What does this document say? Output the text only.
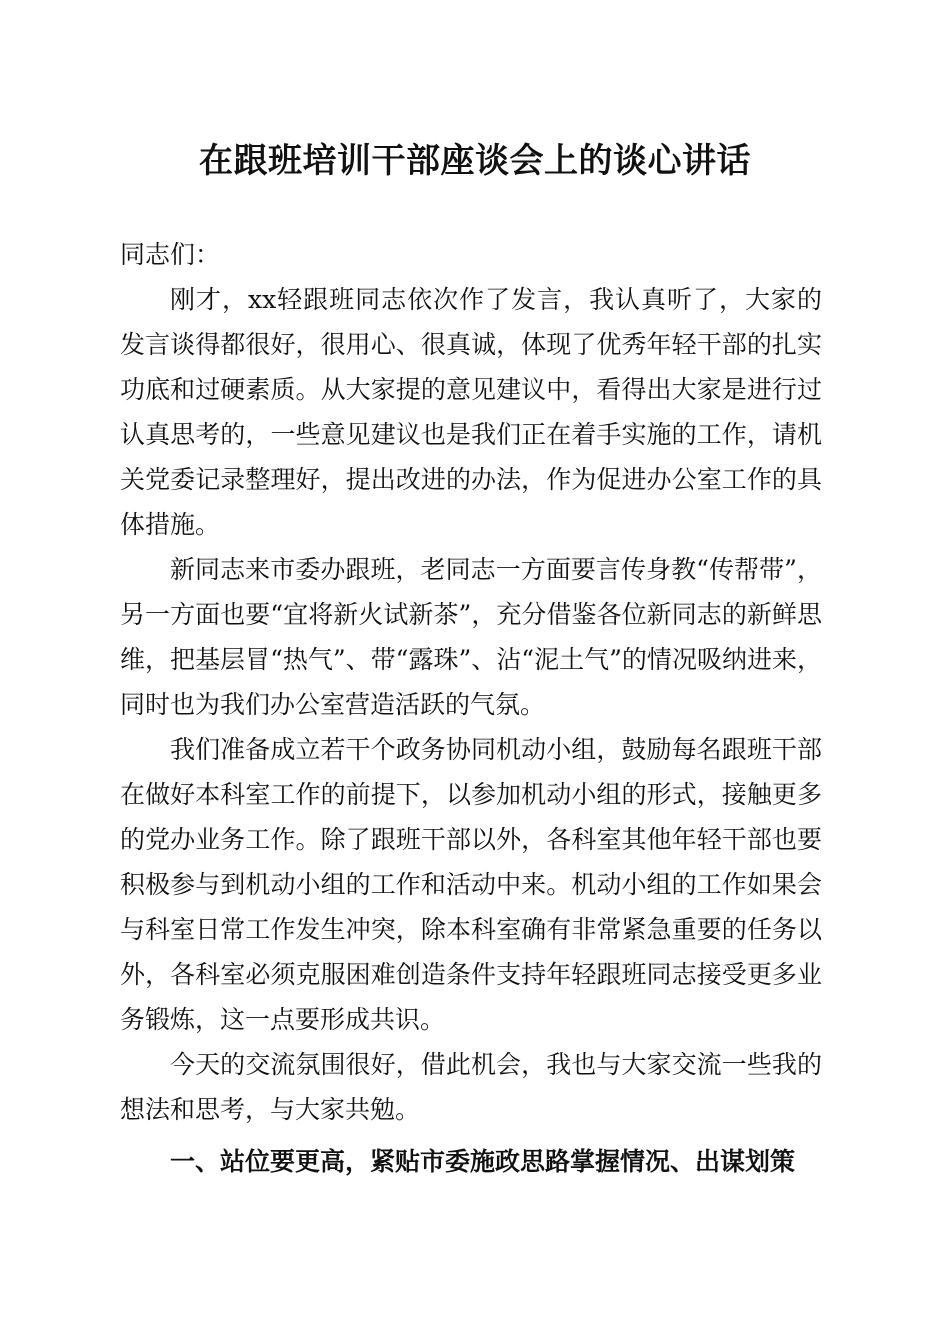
在跟班培训干部座谈会上的谈心讲话

同志们：

刚才，xx轻跟班同志依次作了发言，我认真听了，大家的发言谈得都很好，很用心、很真诚，体现了优秀年轻干部的扎实功底和过硬素质。从大家提的意见建议中，看得出大家是进行过认真思考的，一些意见建议也是我们正在着手实施的工作，请机关党委记录整理好，提出改进的办法，作为促进办公室工作的具体措施。

新同志来市委办跟班，老同志一方面要言传身教“传帮带”，另一方面也要“宜将新火试新茶”，充分借鉴各位新同志的新鲜思维，把基层冒“热气”、带“露珠”、沾“泥土气”的情况吸纳进来，同时也为我们办公室营造活跃的气氛。

我们准备成立若干个政务协同机动小组，鼓励每名跟班干部在做好本科室工作的前提下，以参加机动小组的形式，接触更多的党办业务工作。除了跟班干部以外，各科室其他年轻干部也要积极参与到机动小组的工作和活动中来。机动小组的工作如果会与科室日常工作发生冲突，除本科室确有非常紧急重要的任务以外，各科室必须克服困难创造条件支持年轻跟班同志接受更多业务锻炼，这一点要形成共识。

今天的交流氛围很好，借此机会，我也与大家交流一些我的想法和思考，与大家共勉。

一、站位要更高，紧贴市委施政思路掌握情况、出谋划策
